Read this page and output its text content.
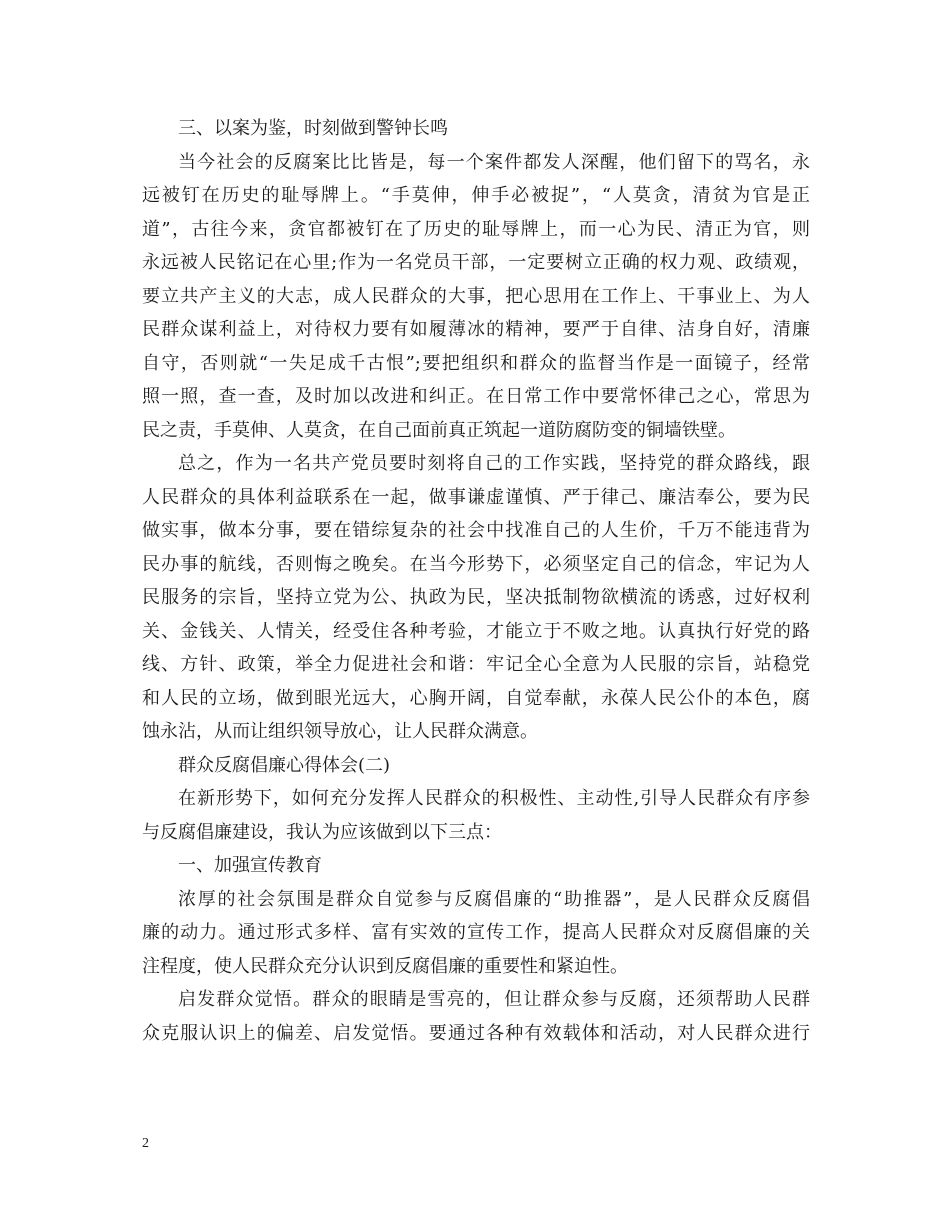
三、以案为鉴，时刻做到警钟长鸣
当今社会的反腐案比比皆是，每一个案件都发人深醒，他们留下的骂名，永
远被钉在历史的耻辱牌上。“手莫伸，伸手必被捉”，“人莫贪，清贫为官是正
道”，古往今来，贪官都被钉在了历史的耻辱牌上，而一心为民、清正为官，则
永远被人民铭记在心里;作为一名党员干部，一定要树立正确的权力观、政绩观，
要立共产主义的大志，成人民群众的大事，把心思用在工作上、干事业上、为人
民群众谋利益上，对待权力要有如履薄冰的精神，要严于自律、洁身自好，清廉
自守，否则就“一失足成千古恨”;要把组织和群众的监督当作是一面镜子，经常
照一照，查一查，及时加以改进和纠正。在日常工作中要常怀律己之心，常思为
民之责，手莫伸、人莫贪，在自己面前真正筑起一道防腐防变的铜墙铁壁。
总之，作为一名共产党员要时刻将自己的工作实践，坚持党的群众路线，跟
人民群众的具体利益联系在一起，做事谦虚谨慎、严于律己、廉洁奉公，要为民
做实事，做本分事，要在错综复杂的社会中找准自己的人生价，千万不能违背为
民办事的航线，否则悔之晚矣。在当今形势下，必须坚定自己的信念，牢记为人
民服务的宗旨，坚持立党为公、执政为民，坚决抵制物欲横流的诱惑，过好权利
关、金钱关、人情关，经受住各种考验，才能立于不败之地。认真执行好党的路
线、方针、政策，举全力促进社会和谐：牢记全心全意为人民服的宗旨，站稳党
和人民的立场，做到眼光远大，心胸开阔，自觉奉献，永葆人民公仆的本色，腐
蚀永沾，从而让组织领导放心，让人民群众满意。
群众反腐倡廉心得体会(二)
在新形势下，如何充分发挥人民群众的积极性、主动性,引导人民群众有序参
与反腐倡廉建设，我认为应该做到以下三点：
一、加强宣传教育
浓厚的社会氛围是群众自觉参与反腐倡廉的“助推器”，是人民群众反腐倡
廉的动力。通过形式多样、富有实效的宣传工作，提高人民群众对反腐倡廉的关
注程度，使人民群众充分认识到反腐倡廉的重要性和紧迫性。
启发群众觉悟。群众的眼睛是雪亮的，但让群众参与反腐，还须帮助人民群
众克服认识上的偏差、启发觉悟。要通过各种有效载体和活动，对人民群众进行
2
